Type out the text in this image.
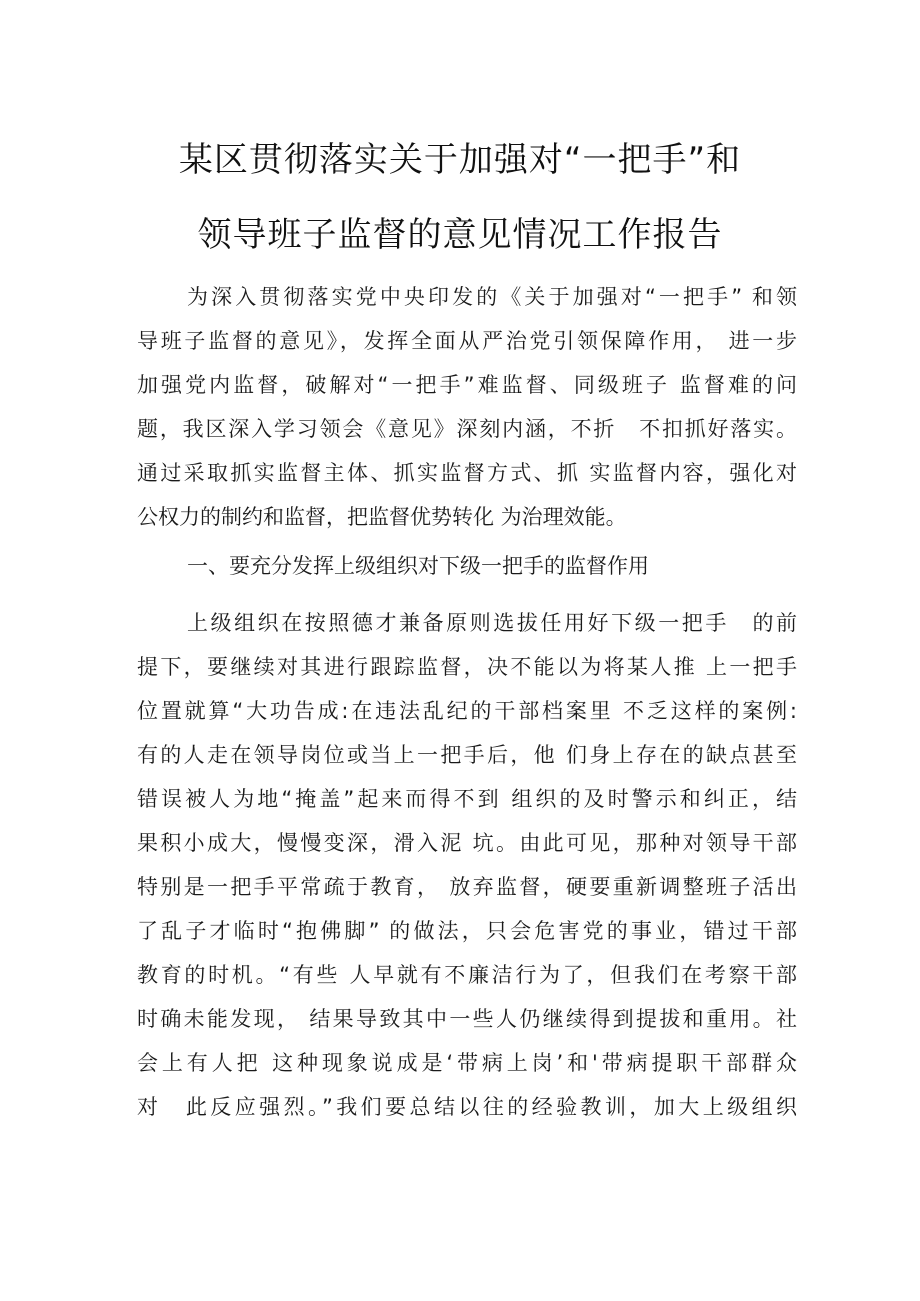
某区贯彻落实关于加强对“一把手”和
领导班子监督的意见情况工作报告
为深入贯彻落实党中央印发的《关于加强对“一把手” 和领
导班子监督的意见》，发挥全面从严治党引领保障作用， 进一步
加强党内监督，破解对“一把手”难监督、同级班子 监督难的问
题，我区深入学习领会《意见》深刻内涵，不折　不扣抓好落实。
通过采取抓实监督主体、抓实监督方式、抓 实监督内容，强化对
公权力的制约和监督，把监督优势转化 为治理效能。
一、要充分发挥上级组织对下级一把手的监督作用
上级组织在按照德才兼备原则选拔任用好下级一把手　的前
提下，要继续对其进行跟踪监督，决不能以为将某人推 上一把手
位置就算“大功告成:在违法乱纪的干部档案里 不乏这样的案例:
有的人走在领导岗位或当上一把手后，他 们身上存在的缺点甚至
错误被人为地“掩盖”起来而得不到 组织的及时警示和纠正，结
果积小成大，慢慢变深，滑入泥 坑。由此可见，那种对领导干部
特别是一把手平常疏于教育， 放弃监督，硬要重新调整班子活出
了乱子才临时“抱佛脚” 的做法，只会危害党的事业，错过干部
教育的时机。“有些 人早就有不廉洁行为了，但我们在考察干部
时确未能发现， 结果导致其中一些人仍继续得到提拔和重用。社
会上有人把 这种现象说成是‘带病上岗’和'带病提职干部群众
对　此反应强烈。”我们要总结以往的经验教训，加大上级组织
